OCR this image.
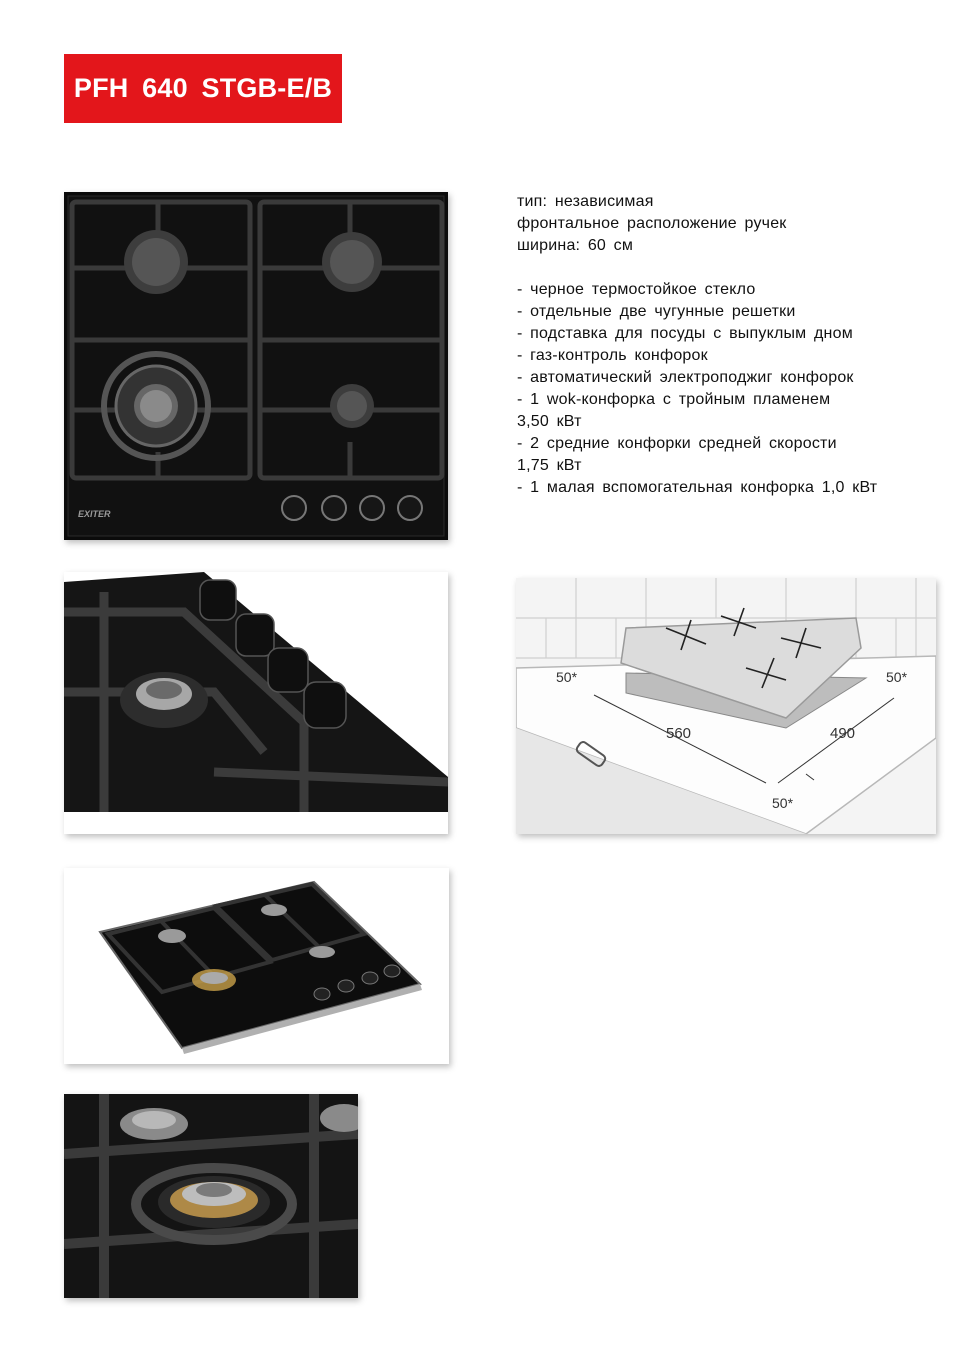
PFH 640 STGB-E/B
EXITER
тип: независимая
фронтальное расположение ручек
ширина: 60 см
- черное термостойкое стекло
- отдельные две чугунные решетки
- подставка для посуды с выпуклым дном
- газ-контроль конфорок
- автоматический электроподжиг конфорок
- 1 wok-конфорка с тройным пламенем
3,50 кВт
- 2 средние конфорки средней скорости
1,75 кВт
- 1 малая вспомогательная конфорка 1,0 кВт
50*	50*
560	490
50*
